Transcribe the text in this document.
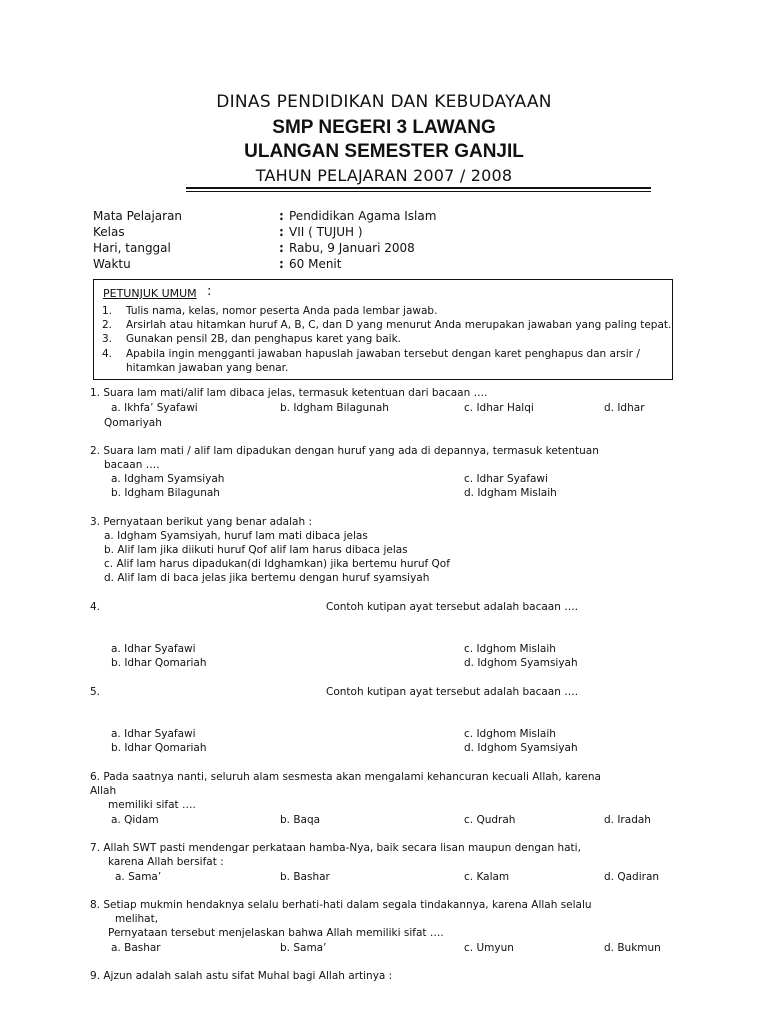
DINAS PENDIDIKAN DAN KEBUDAYAAN
SMP NEGERI 3 LAWANG
ULANGAN SEMESTER GANJIL
TAHUN PELAJARAN 2007 / 2008
Mata Pelajaran	: Pendidikan Agama Islam
Kelas	: VII ( TUJUH )
Hari, tanggal	: Rabu, 9 Januari 2008
Waktu	: 60 Menit
PETUNJUK UMUM :
1. Tulis nama, kelas, nomor peserta Anda pada lembar jawab.
2. Arsirlah atau hitamkan huruf A, B, C, dan D yang menurut Anda merupakan jawaban yang paling tepat.
3. Gunakan pensil 2B, dan penghapus karet yang baik.
4. Apabila ingin mengganti jawaban hapuslah jawaban tersebut dengan karet penghapus dan arsir /
hitamkan jawaban yang benar.
1. Suara lam mati/alif lam dibaca jelas, termasuk ketentuan dari bacaan ….
a. Ikhfa’ Syafawi	b. Idgham Bilagunah	c. Idhar Halqi	d. Idhar
Qomariyah
2. Suara lam mati / alif lam dipadukan dengan huruf yang ada di depannya, termasuk ketentuan
bacaan ….
a. Idgham Syamsiyah	c. Idhar Syafawi
b. Idgham Bilagunah	d. Idgham Mislaih
3. Pernyataan berikut yang benar adalah :
a. Idgham Syamsiyah, huruf lam mati dibaca jelas
b. Alif lam jika diikuti huruf Qof alif lam harus dibaca jelas
c. Alif lam harus dipadukan(di Idghamkan) jika bertemu huruf Qof
d. Alif lam di baca jelas jika bertemu dengan huruf syamsiyah
4.	Contoh kutipan ayat tersebut adalah bacaan ….
a. Idhar Syafawi	c. Idghom Mislaih
b. Idhar Qomariah	d. Idghom Syamsiyah
5.	Contoh kutipan ayat tersebut adalah bacaan ….
a. Idhar Syafawi	c. Idghom Mislaih
b. Idhar Qomariah	d. Idghom Syamsiyah
6. Pada saatnya nanti, seluruh alam sesmesta akan mengalami kehancuran kecuali Allah, karena
Allah
memiliki sifat ….
a. Qidam	b. Baqa	c. Qudrah	d. Iradah
7. Allah SWT pasti mendengar perkataan hamba-Nya, baik secara lisan maupun dengan hati,
karena Allah bersifat :
a. Sama’	b. Bashar	c. Kalam	d. Qadiran
8. Setiap mukmin hendaknya selalu berhati-hati dalam segala tindakannya, karena Allah selalu
melihat,
Pernyataan tersebut menjelaskan bahwa Allah memiliki sifat ….
a. Bashar	b. Sama’	c. Umyun	d. Bukmun
9. Ajzun adalah salah astu sifat Muhal bagi Allah artinya :
